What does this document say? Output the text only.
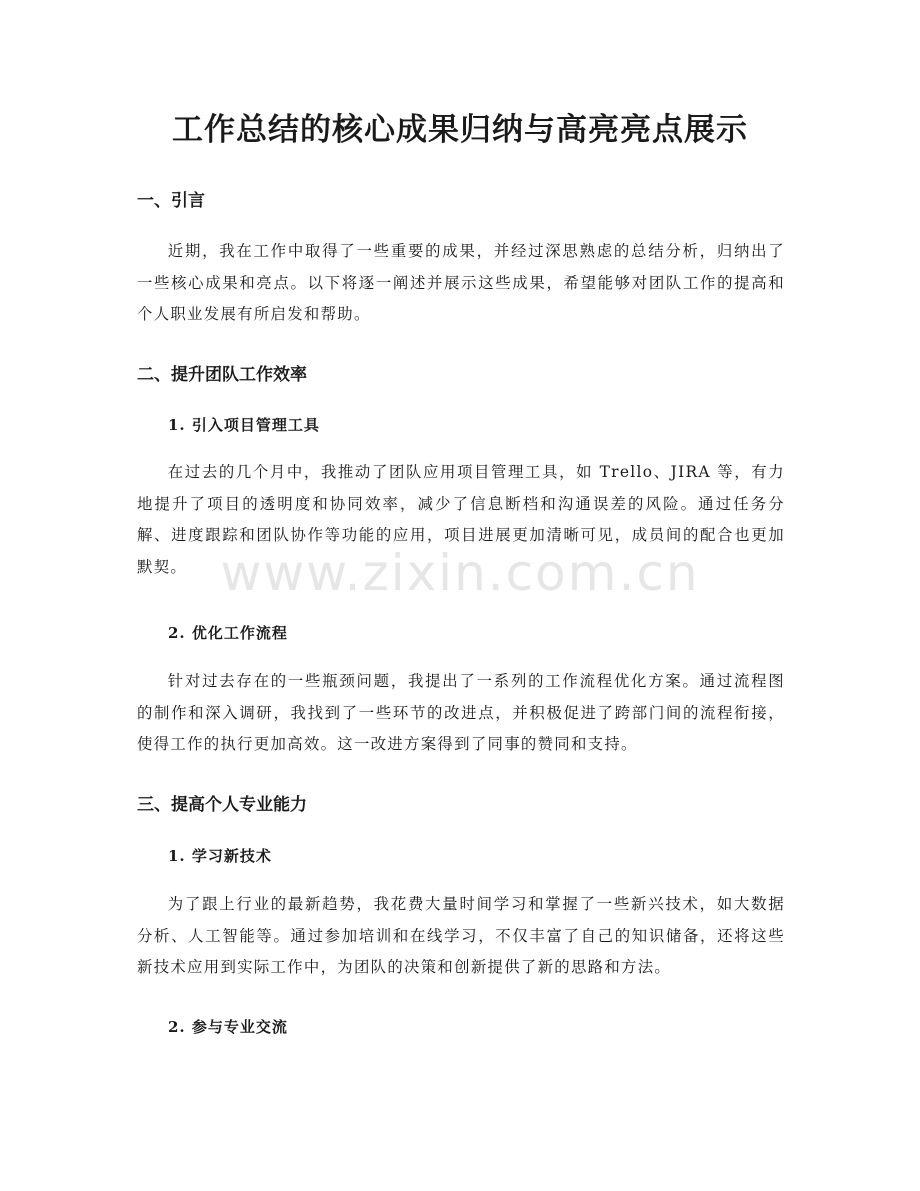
工作总结的核心成果归纳与高亮亮点展示
一、引言

近期，我在工作中取得了一些重要的成果，并经过深思熟虑的总结分析，归纳出了一些核心成果和亮点。以下将逐一阐述并展示这些成果，希望能够对团队工作的提高和个人职业发展有所启发和帮助。

二、提升团队工作效率
1. 引入项目管理工具

在过去的几个月中，我推动了团队应用项目管理工具，如 Trello、JIRA 等，有力地提升了项目的透明度和协同效率，减少了信息断档和沟通误差的风险。通过任务分解、进度跟踪和团队协作等功能的应用，项目进展更加清晰可见，成员间的配合也更加默契。

2. 优化工作流程

针对过去存在的一些瓶颈问题，我提出了一系列的工作流程优化方案。通过流程图的制作和深入调研，我找到了一些环节的改进点，并积极促进了跨部门间的流程衔接，使得工作的执行更加高效。这一改进方案得到了同事的赞同和支持。

三、提高个人专业能力
1. 学习新技术

为了跟上行业的最新趋势，我花费大量时间学习和掌握了一些新兴技术，如大数据分析、人工智能等。通过参加培训和在线学习，不仅丰富了自己的知识储备，还将这些新技术应用到实际工作中，为团队的决策和创新提供了新的思路和方法。

2. 参与专业交流
www.zixin.com.cn
